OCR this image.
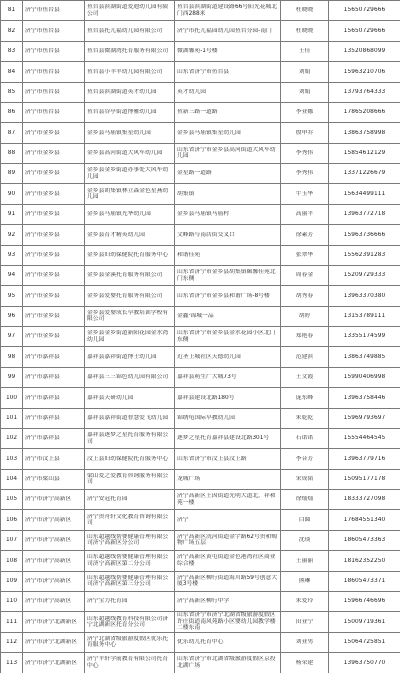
81	济宁市鱼台县	鱼台县滨湖街道爱迪幼儿园有限公司	鱼台县滨湖街道建设路66号阳光花城北门西288米	杜晓晓	15650729666

82	济宁市鱼台县	鱼台县托儿福幼儿园有限公司	济宁市托儿福园幼儿园鱼台分园-南门	杜晓晓	15650729666

83	济宁市鱼台县	鱼台县微湖湾托育服务有限公司	微湖馨苑-1号楼	王佳	13520868099

84	济宁市鱼台县	鱼台县小羊羊幼儿园有限公司	山东省济宁市鱼台县	刘娟	15963210706

85	济宁市鱼台县	鱼台县滨湖街道英才幼儿园	英才幼儿园	刘娟	13793764333

86	济宁市鱼台县	鱼台县谷亭街道博雅幼儿园	鱼新三路一道路	李亚娜	17865208666

87	济宁市金乡县	金乡县马庙镇集星幼儿园	金乡县马庙镇集星幼儿园	殷申乔	13863758998

88	济宁市金乡县	金乡县高河街道大风车幼儿园	山东省济宁市金乡县高河街道大风车幼儿园	李秀伟	15854612129

89	济宁市金乡县	金乡县金乡街道办事处大风车幼儿园	金星路一道路	李秀伟	13371226679

90	济宁市金乡县	金乡县胡集镇林立森金色星燕幼儿园	胡集镇	牛玉华	15634499111

91	济宁市金乡县	金乡县马庙镇光华幼儿园	金乡县马庙镇马庙村	高丽平	13963772718

92	济宁市金乡县	金乡县育才精英幼儿园	文峰路与南店街交叉口	徐素芳	15963736666

93	济宁市金乡县	金乡县妇幼保健院托育服务中心	和谐佳苑	张翠华	15562391283

94	济宁市金乡县	金乡县金溪托育服务有限公司	山东省济宁市金乡县胡集镇颐馨佳苑北门东侧	周春金	15209729333

95	济宁市金乡县	金乡县爱婴托育服务有限公司	山东省济宁市金乡县和谐广场-8号楼	胡秀春	13963370380

96	济宁市金乡县	金乡县爱婴成长早教培训学校有限公司	金鑫·锦城一品	胡婷	13153789111

97	济宁市金乡县	金乡县金乡街道新阳花园金水湾幼儿园	山东省济宁市金乡县金水花园小区北门东侧	郑艳春	13355174599

98	济宁市嘉祥县	嘉祥县嘉祥街道博士幼儿园	近圣上城社区天德幼儿园	范建滨	13863749885

99	济宁市嘉祥县	嘉祥县三三锦色幼儿园有限公司	嘉祥县萌生广大城73号	王文霞	15990406998

100	济宁市嘉祥县	嘉祥县天研幼儿园	嘉祥县建设北路180号	庞东峰	13963758446

101	济宁市嘉祥县	嘉祥县嘉祥街道智慧爱飞幼儿园	锦绣龟国际早教幼儿园	朱乾乾	15969793697

102	济宁市嘉祥县	嘉祥县逐梦之星托育服务有限公司	逐梦之星托育嘉祥县建设北路301号	石诺诺	15554464545

103	济宁市汶上县	汶上县妇幼保健院托育服务中心	山东省济宁市汶上县汶上路	李音芳	13963779716

104	济宁市梁山县	梁山爱之爱教育咨询服务有限公司	龙城广场	宋成韬	15095177178

105	济宁市济宁高新区	济宁安冠托育园	济宁高新区王因街道光明大道北，祥和苑一楼	徐灿灿	18333727098

106	济宁市济宁高新区	济宁贵舟轩文化教育咨询有限公司	济宁	白圆	17684551340

107	济宁市济宁高新区	山东超越线帮婴健康管理有限公司济宁高新区分公司	济宁高新区洸河街道金宇路62号贵和购物广场五层	沈琰	18605473363

108	济宁市济宁高新区	山东超越线帮婴健康管理有限公司济宁高新区第二分公司	济宁高新区黄屯街道金色港湾社区商业综合楼	王丽丽	18162352250

109	济宁市济宁高新区	山东超越线帮婴健康管理有限公司济宁高新区第三分公司	济宁高新区柳行街道海川路59号创意大厦3号楼	熊琳	18605473371

110	济宁市济宁高新区	济宁宝力托育园	济宁高新区柳行中学	朱爱玲	15966746696

111	济宁市济宁北湖新区	山东超越线教育科技有限公司济宁北湖新区托育分公司	山东省济宁市济宁北湖省级旅游度假区许庄街道南风苑路小区婴幼儿园教学楼二楼东南	田亚宁	15009719361

112	济宁市济宁北湖新区	济宁北湖省级旅游度假区优乐托育服务中心	优乐幼儿托育中心	刘亚男	15064725851

113	济宁市济宁北湖新区	济宁平轩学前教育有限公司托育中心	山东省济宁市北湖省级旅游度假区京投北湖广场	杨荣建	13963750770
